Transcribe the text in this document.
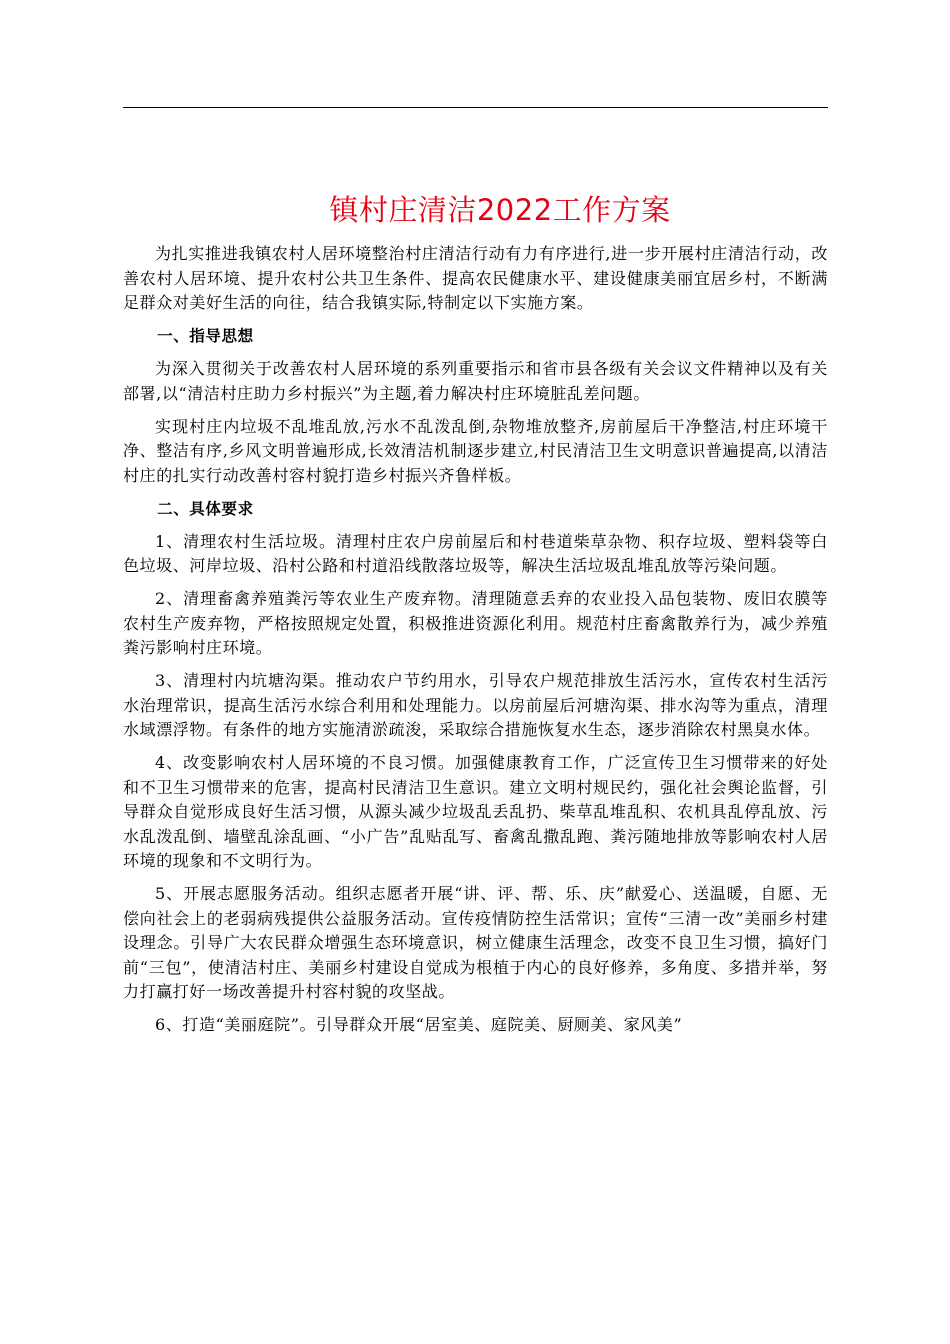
镇村庄清洁2022工作方案

为扎实推进我镇农村人居环境整治村庄清洁行动有力有序进行,进一步开展村庄清洁行动，改善农村人居环境、提升农村公共卫生条件、提高农民健康水平、建设健康美丽宜居乡村，不断满足群众对美好生活的向往，结合我镇实际,特制定以下实施方案。

一、指导思想

为深入贯彻关于改善农村人居环境的系列重要指示和省市县各级有关会议文件精神以及有关部署,以“清洁村庄助力乡村振兴”为主题,着力解决村庄环境脏乱差问题。

实现村庄内垃圾不乱堆乱放,污水不乱泼乱倒,杂物堆放整齐,房前屋后干净整洁,村庄环境干净、整洁有序,乡风文明普遍形成,长效清洁机制逐步建立,村民清洁卫生文明意识普遍提高,以清洁村庄的扎实行动改善村容村貌打造乡村振兴齐鲁样板。

二、具体要求

1、清理农村生活垃圾。清理村庄农户房前屋后和村巷道柴草杂物、积存垃圾、塑料袋等白色垃圾、河岸垃圾、沿村公路和村道沿线散落垃圾等，解决生活垃圾乱堆乱放等污染问题。

2、清理畜禽养殖粪污等农业生产废弃物。清理随意丢弃的农业投入品包装物、废旧农膜等农村生产废弃物，严格按照规定处置，积极推进资源化利用。规范村庄畜禽散养行为，减少养殖粪污影响村庄环境。

3、清理村内坑塘沟渠。推动农户节约用水，引导农户规范排放生活污水，宣传农村生活污水治理常识，提高生活污水综合利用和处理能力。以房前屋后河塘沟渠、排水沟等为重点，清理水域漂浮物。有条件的地方实施清淤疏浚，采取综合措施恢复水生态，逐步消除农村黑臭水体。

4、改变影响农村人居环境的不良习惯。加强健康教育工作，广泛宣传卫生习惯带来的好处和不卫生习惯带来的危害，提高村民清洁卫生意识。建立文明村规民约，强化社会舆论监督，引导群众自觉形成良好生活习惯，从源头减少垃圾乱丢乱扔、柴草乱堆乱积、农机具乱停乱放、污水乱泼乱倒、墙壁乱涂乱画、“小广告”乱贴乱写、畜禽乱撒乱跑、粪污随地排放等影响农村人居环境的现象和不文明行为。

5、开展志愿服务活动。组织志愿者开展“讲、评、帮、乐、庆”献爱心、送温暖，自愿、无偿向社会上的老弱病残提供公益服务活动。宣传疫情防控生活常识；宣传“三清一改”美丽乡村建设理念。引导广大农民群众增强生态环境意识，树立健康生活理念，改变不良卫生习惯，搞好门前“三包”，使清洁村庄、美丽乡村建设自觉成为根植于内心的良好修养，多角度、多措并举，努力打赢打好一场改善提升村容村貌的攻坚战。

6、打造“美丽庭院”。引导群众开展“居室美、庭院美、厨厕美、家风美”
